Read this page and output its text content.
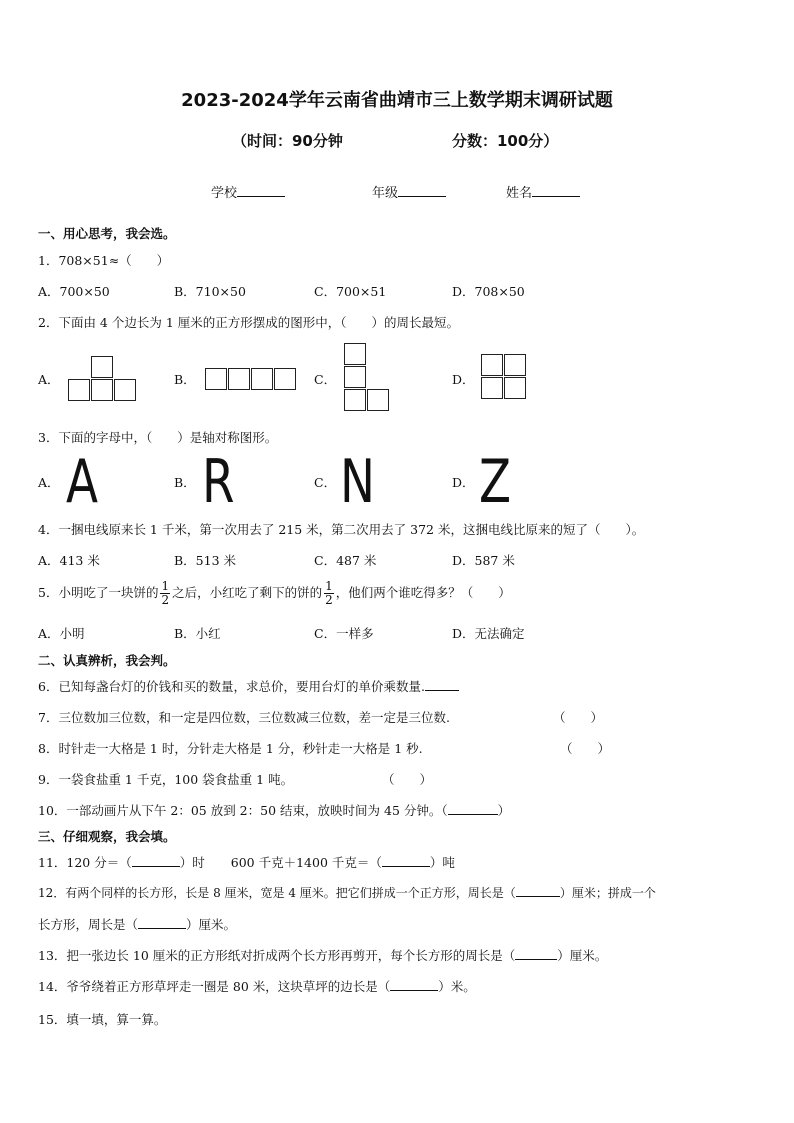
2023-2024学年云南省曲靖市三上数学期末调研试题
（时间：90分钟	分数：100分）
学校	年级	姓名
一、用心思考，我会选。
1．708×51≈（　　）
A．700×50	B．710×50	C．700×51	D．708×50
2．下面由 4 个边长为 1 厘米的正方形摆成的图形中，（　　）的周长最短。
A．	B．	C．	D．
3．下面的字母中，（　　）是轴对称图形。
A．	B．	C．	D．
A R N Z
4．一捆电线原来长 1 千米，第一次用去了 215 米，第二次用去了 372 米，这捆电线比原来的短了（　　）。
A．413 米	B．513 米	C．487 米	D．587 米
5．小明吃了一块饼的 $\frac{1}{2}$ 之后，小红吃了剩下的饼的 $\frac{1}{2}$ ，他们两个谁吃得多？（　　）
A．小明	B．小红	C．一样多	D．无法确定
二、认真辨析，我会判。
6．已知每盏台灯的价钱和买的数量，求总价，要用台灯的单价乘数量.
7．三位数加三位数，和一定是四位数，三位数减三位数，差一定是三位数.	（　　）
8．时针走一大格是 1 时，分针走大格是 1 分，秒针走一大格是 1 秒.	（　　）
9．一袋食盐重 1 千克，100 袋食盐重 1 吨。	（　　）
10．一部动画片从下午 2：05 放到 2：50 结束，放映时间为 45 分钟。（	）
三、仔细观察，我会填。
11．120 分＝（	）时 600 千克＋1400 千克＝（	）吨
12．有两个同样的长方形，长是 8 厘米，宽是 4 厘米。把它们拼成一个正方形，周长是（	）厘米；拼成一个
长方形，周长是（	）厘米。
13．把一张边长 10 厘米的正方形纸对折成两个长方形再剪开，每个长方形的周长是（	）厘米。
14．爷爷绕着正方形草坪走一圈是 80 米，这块草坪的边长是（	）米。
15．填一填，算一算。
